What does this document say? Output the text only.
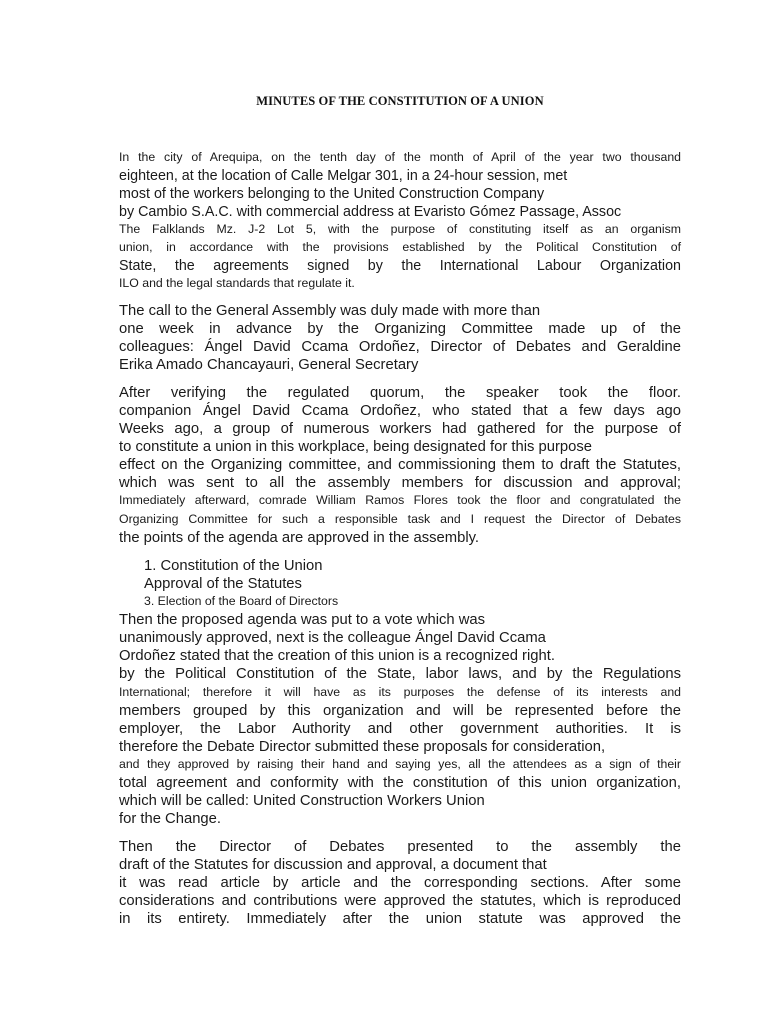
MINUTES OF THE CONSTITUTION OF A UNION
In the city of Arequipa, on the tenth day of the month of April of the year two thousand
eighteen, at the location of Calle Melgar 301, in a 24-hour session, met
most of the workers belonging to the United Construction Company
by Cambio S.A.C. with commercial address at Evaristo Gómez Passage, Assoc
The Falklands Mz. J-2 Lot 5, with the purpose of constituting itself as an organism
union, in accordance with the provisions established by the Political Constitution of
State, the agreements signed by the International Labour Organization
ILO and the legal standards that regulate it.
The call to the General Assembly was duly made with more than
one week in advance by the Organizing Committee made up of the
colleagues: Ángel David Ccama Ordoñez, Director of Debates and Geraldine
Erika Amado Chancayauri, General Secretary
After verifying the regulated quorum, the speaker took the floor.
companion Ángel David Ccama Ordoñez, who stated that a few days ago
Weeks ago, a group of numerous workers had gathered for the purpose of
to constitute a union in this workplace, being designated for this purpose
effect on the Organizing committee, and commissioning them to draft the Statutes,
which was sent to all the assembly members for discussion and approval;
Immediately afterward, comrade William Ramos Flores took the floor and congratulated the
Organizing Committee for such a responsible task and I request the Director of Debates
the points of the agenda are approved in the assembly.
1. Constitution of the Union
Approval of the Statutes
3. Election of the Board of Directors
Then the proposed agenda was put to a vote which was
unanimously approved, next is the colleague Ángel David Ccama
Ordoñez stated that the creation of this union is a recognized right.
by the Political Constitution of the State, labor laws, and by the Regulations
International; therefore it will have as its purposes the defense of its interests and
members grouped by this organization and will be represented before the
employer, the Labor Authority and other government authorities. It is
therefore the Debate Director submitted these proposals for consideration,
and they approved by raising their hand and saying yes, all the attendees as a sign of their
total agreement and conformity with the constitution of this union organization,
which will be called: United Construction Workers Union
for the Change.
Then the Director of Debates presented to the assembly the
draft of the Statutes for discussion and approval, a document that
it was read article by article and the corresponding sections. After some
considerations and contributions were approved the statutes, which is reproduced
in its entirety. Immediately after the union statute was approved the
